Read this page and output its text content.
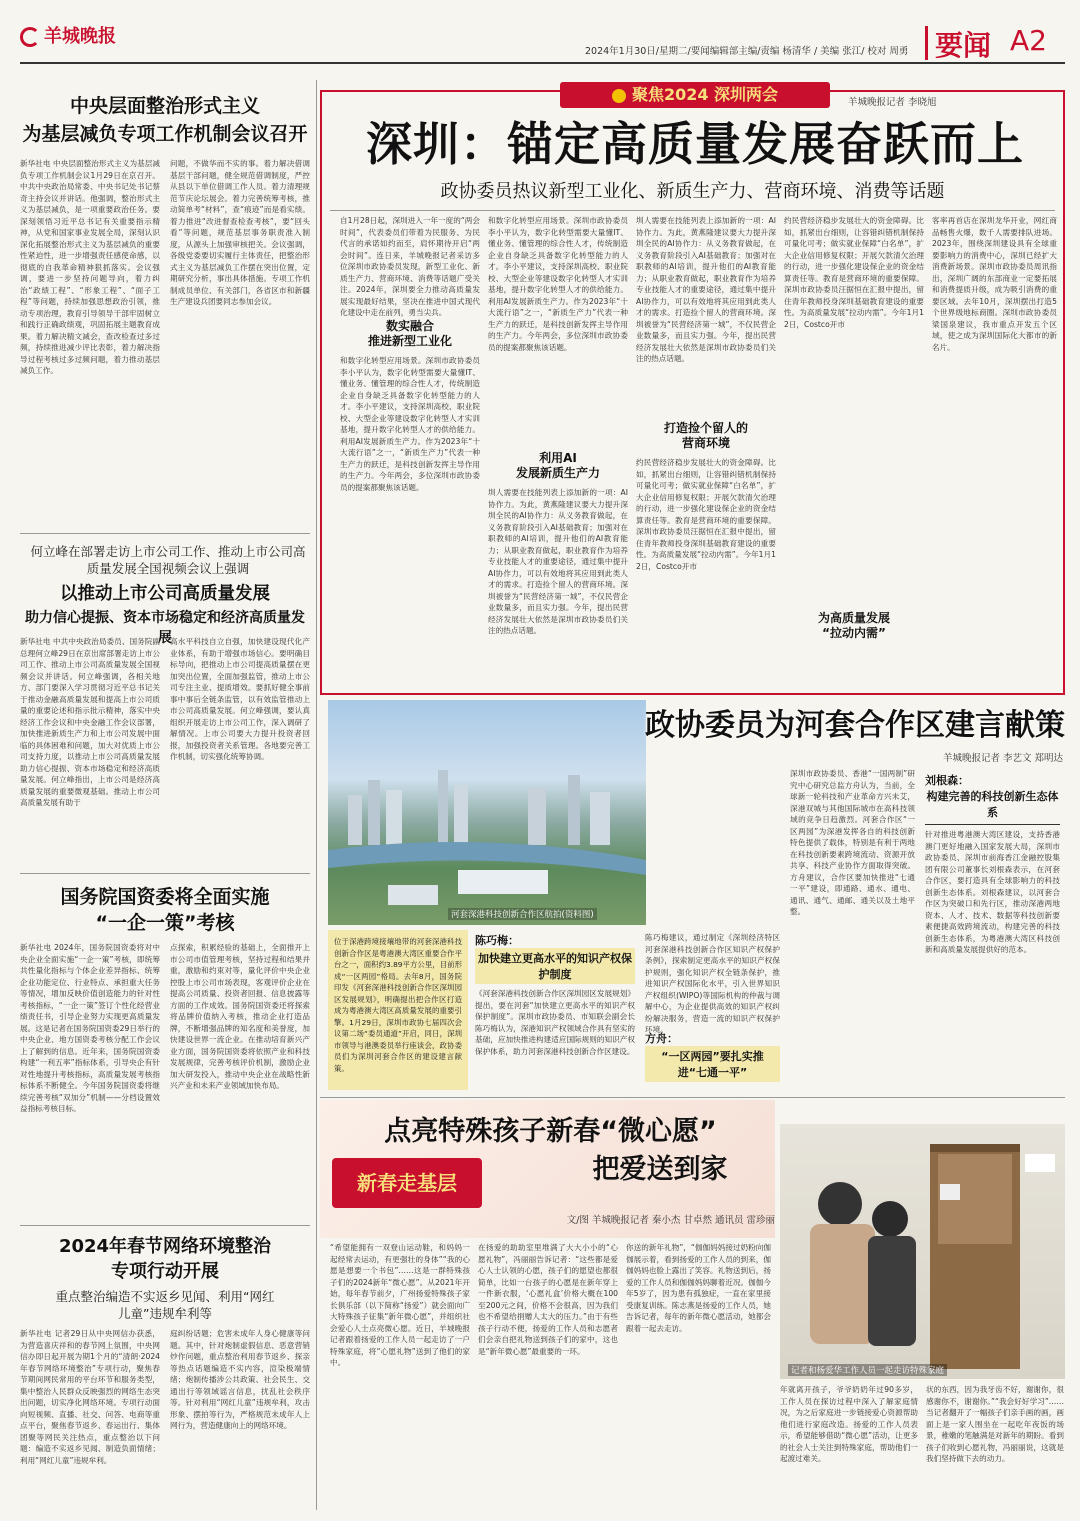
羊城晚报
2024年1月30日/星期二/要闻编辑部主编/责编 杨清华 / 美编 张江/ 校对 周勇 要闻 A2
中央层面整治形式主义
为基层减负专项工作机制会议召开
新华社电 中央层面整治形式主义为基层减负专项工作机制会议1月29日在京召开。中共中央政治局常委、中央书记处书记蔡奇主持会议并讲话。他强调，整治形式主义为基层减负，是一项重要政治任务。要深刻领悟习近平总书记有关重要指示精神，从党和国家事业发展全局，深刻认识深化拓展整治形式主义为基层减负的重要性紧迫性，进一步增强责任感使命感，以彻底的自我革命精神狠抓落实。会议强调，要进一步坚持问题导向，着力纠治“政绩工程”、“形象工程”、“面子工程”等问题，持续加强思想政治引领，推动专项治理，教育引导领导干部牢固树立和践行正确政绩观，巩固拓展主题教育成果。着力解决精文减会，查改检查过多过频，持续推进减少评比表彰，着力解决指导过程考核过多过频问题，着力推动基层减负工作。
问题，不做华而不实的事。着力解决借调基层干部问题，健全规范借调制度，严控从县以下单位借调工作人员。着力清理规范节庆论坛展会。着力完善统筹考核，推动简单考“材料”，查“痕迹”而是看实绩。着力推进“改进督查检查考核”，要“回头看”等问题，规范基层事务职责准入制度，从源头上加强审核把关。会议强调，各级党委要切实履行主体责任，把整治形式主义为基层减负工作摆在突出位置，定期研究分析，事出具体措施。专项工作机制成员单位、有关部门，各省区市和新疆生产建设兵团要同志参加会议。
何立峰在部署走访上市公司工作、推动上市公司高质量发展全国视频会议上强调
以推动上市公司高质量发展
助力信心提振、资本市场稳定和经济高质量发展
新华社电 中共中央政治局委员、国务院副总理何立峰29日在京出席部署走访上市公司工作、推动上市公司高质量发展全国视频会议并讲话。何立峰强调，各相关地方、部门要深入学习贯彻习近平总书记关于推动金融高质量发展和提高上市公司质量的重要论述和指示批示精神，落实中央经济工作会议和中央金融工作会议部署，加快推进新质生产力和上市公司发展中面临的具体困难和问题，加大对优质上市公司支持力度，以推动上市公司高质量发展助力信心提振、资本市场稳定和经济高质量发展。何立峰指出，上市公司是经济高质量发展的重要微观基础。推动上市公司高质量发展有助于
高水平科技自立自强，加快建设现代化产业体系，有助于增强市场信心。要明确目标导向，把推动上市公司提高质量摆在更加突出位置，全面加强监管，推动上市公司专注主业、提质增效。要抓好健全事前事中事后全链条监管，以有效监管推动上市公司高质量发展。何立峰强调，要认真组织开展走访上市公司工作，深入调研了解情况。上市公司要大力提升投资者回报，加强投资者关系管理。各地要完善工作机制，切实强化统筹协调。
国务院国资委将全面实施
“一企一策”考核
新华社电 2024年，国务院国资委将对中央企业全面实施“一企一策”考核，即统筹共性量化指标与个体企业差异指标、统筹企业功能定位、行业特点、承担重大任务等情况，增加反映价值创造能力的针对性考核指标，“一企一策”签订个性化经营业绩责任书，引导企业努力实现更高质量发展。这是记者在国务院国资委29日举行的中央企业、地方国资委考核分配工作会议上了解到的信息。近年来，国务院国资委构建“一利五率”指标体系，引导央企有针对性地提升考核指标，高质量发展考核指标体系不断健全。今年国务院国资委将继续完善考核“双加分”机制——分档设置效益指标考核目标。
点探索，积累经验的基础上，全面推开上市公司市值管理考核，坚持过程和结果并重，激励和约束对等，量化评价中央企业控股上市公司市场表现，客观评价企业在提高公司质量、投资者回报、信息披露等方面的工作成效。国务院国资委还将探索将品牌价值纳入考核，推动企业打造品牌，不断增强品牌的知名度和美誉度，加快建设世界一流企业。在推动培育新兴产业方面，国务院国资委将依照产业和科技发展规律，完善考核评价机制，激励企业加大研发投入，推动中央企业在战略性新兴产业和未来产业领域加快布局。
2024年春节网络环境整治
专项行动开展
重点整治编造不实返乡见闻、利用“网红
儿童”违规牟利等
新华社电 记者29日从中央网信办获悉，为营造喜庆祥和的春节网上氛围，中央网信办即日起开展为期1个月的“清朗·2024年春节网络环境整治”专项行动，聚焦春节期间网民常用的平台环节和服务类型，集中整治人民群众反映强烈的网络生态突出问题，切实净化网络环境。专项行动面向短视频、直播、社交、问答、电商等重点平台，聚焦春节返乡、春运出行、集体团聚等网民关注热点，重点整治以下问题：编造不实返乡见闻、制造负面情绪；利用“网红儿童”违规牟利。
庭纠纷话题；危害未成年人身心健康等问题。其中，针对炮制虚假信息、恶意营销炒作问题，重点整治利用春节返乡、探亲等热点话题编造不实内容，渲染极端情绪；炮制传播涉公共政策、社会民生、交通出行等领域谣言信息，扰乱社会秩序等。针对利用“网红儿童”违规牟利，攻击形象、摆拍等行为，严格规范未成年人上网行为，营造健康向上的网络环境。
聚焦2024 深圳两会	羊城晚报记者 李晓旭
深圳：锚定高质量发展奋跃而上
政协委员热议新型工业化、新质生产力、营商环境、消费等话题
自1月28日起，深圳进入一年一度的“两会时间”，代表委员们带着为民服务、为民代言的承诺如约而至，肩怀期待开启“两会时间”。连日来，羊城晚报记者采访多位深圳市政协委员发现，新型工业化、新质生产力、营商环境、消费等话题广受关注。2024年，深圳要全力推动高质量发展实现最好结果，坚决在推进中国式现代化建设中走在前列，勇当尖兵。
数实融合
推进新型工业化
和数字化转型应用场景。深圳市政协委员李小平认为，数字化转型需要大量懂IT、懂业务、懂管理的综合性人才，传统制造企业自身缺乏具备数字化转型能力的人才。李小平建议，支持深圳高校、职业院校、大型企业等建设数字化转型人才实训基地，提升数字化转型人才的供给能力。利用AI发展新质生产力。作为2023年“十大流行语”之一，“新质生产力”代表一种生产力的跃迁，是科技创新发挥主导作用的生产力。今年两会，多位深圳市政协委员的提案都聚焦该话题。
和数字化转型应用场景。深圳市政协委员李小平认为，数字化转型需要大量懂IT、懂业务、懂管理的综合性人才，传统制造企业自身缺乏具备数字化转型能力的人才。李小平建议，支持深圳高校、职业院校、大型企业等建设数字化转型人才实训基地，提升数字化转型人才的供给能力。利用AI发展新质生产力。作为2023年“十大流行语”之一，“新质生产力”代表一种生产力的跃迁，是科技创新发挥主导作用的生产力。今年两会，多位深圳市政协委员的提案都聚焦该话题。
利用AI
发展新质生产力
圳人需要在技能列表上添加新的一项：AI协作力。为此，黄燕隆建议要大力提升深圳全民的AI协作力：从义务教育做起，在义务教育阶段引入AI基础教育；加强对在职教师的AI培训，提升他们的AI教育能力；从职业教育做起，职业教育作为培养专业技能人才的重要途径，通过集中提升AI协作力，可以有效地将其应用到此类人才的需求。打造捡个留人的营商环境。深圳被誉为“民营经济第一城”，不仅民营企业数量多，而且实力强。今年，提出民营经济发展壮大依然是深圳市政协委员们关注的热点话题。
圳人需要在技能列表上添加新的一项：AI协作力。为此，黄燕隆建议要大力提升深圳全民的AI协作力：从义务教育做起，在义务教育阶段引入AI基础教育；加强对在职教师的AI培训，提升他们的AI教育能力；从职业教育做起，职业教育作为培养专业技能人才的重要途径，通过集中提升AI协作力，可以有效地将其应用到此类人才的需求。打造捡个留人的营商环境。深圳被誉为“民营经济第一城”，不仅民营企业数量多，而且实力强。今年，提出民营经济发展壮大依然是深圳市政协委员们关注的热点话题。
打造捡个留人的
营商环境
约民营经济稳步发展壮大的资金障碍。比如，抓紧出台细则，让容错纠错机制保持可量化可考；做实就业保障“白名单”，扩大企业信用修复权限；开展欠款清欠治理的行动，进一步强化建设保企业的资金结算责任等。教育是营商环境的重要保障。深圳市政协委员汪据恒在汇报中提出，留住青年教师投身深圳基础教育建设的重要性。为高质量发展“拉动内需”。今年1月12日，Costco开市
约民营经济稳步发展壮大的资金障碍。比如，抓紧出台细则，让容错纠错机制保持可量化可考；做实就业保障“白名单”，扩大企业信用修复权限；开展欠款清欠治理的行动，进一步强化建设保企业的资金结算责任等。教育是营商环境的重要保障。深圳市政协委员汪据恒在汇报中提出，留住青年教师投身深圳基础教育建设的重要性。为高质量发展“拉动内需”。今年1月12日，Costco开市
为高质量发展
“拉动内需”
客率再首店在深圳龙华开业，网红商品畅售火爆，数千人需要排队进场。2023年，围绕深圳建设具有全球重要影响力的消费中心，深圳已经扩大消费新场景。深圳市政协委员周讯指出，深圳广阔的东部商业一定要拓展和消费提质升级，成为吸引消费的重要区域。去年10月，深圳摆出打造5个世界级地标商圈。深圳市政协委员梁国泉建议，我市重点开发五个区域，使之成为深圳国际化大都市的新名片。
河套深港科技创新合作区航拍(资料图)
政协委员为河套合作区建言献策
羊城晚报记者 李艺文 郑明达
深圳市政协委员、香港“一国两制”研究中心研究总监方舟认为，当前，全球新一轮科技和产业革命方兴未艾，深港双城与其他国际城市在高科技领域的竞争日趋激烈。河套合作区“一区两园”为深港发挥各自的科技创新特色提供了载体，特别是有利于两地在科技创新要素跨境流动、资源开放共享、科技产业协作方面取得突破。方舟建议，合作区要加快推进“七通一平”建设，即通路、通水、通电、通讯、通气、通邮、通关以及土地平整。
刘根森：
构建完善的科技创新生态体系
针对推进粤港澳大湾区建设，支持香港澳门更好地融入国家发展大局，深圳市政协委员、深圳市前海香江金融控股集团有限公司董事长刘根森表示，在河套合作区，要打造具有全球影响力的科技创新生态体系。刘根森建议，以河套合作区为突破口和先行区，推动深港两地资本、人才、技术、数据等科技创新要素便捷高效跨境流动，构建完善的科技创新生态体系，为粤港澳大湾区科技创新和高质量发展提供好的范本。
位于深港跨境接壤地带的河套深港科技创新合作区是粤港澳大湾区重要合作平台之一，面积约3.89平方公里，目前形成“一区两园”格局。去年8月，国务院印发《河套深港科技创新合作区深圳园区发展规划》，明确提出把合作区打造成为粤港澳大湾区高质量发展的重要引擎。1月29日，深圳市政协七届四次会议第二场“委员通道”开启，同日，深圳市领导与港澳委员举行座谈会，政协委员们为深圳河套合作区的建设建言献策。
陈巧梅：
加快建立更高水平的知识产权保护制度
《河套深港科技创新合作区深圳园区发展规划》提出，要在河套“加快建立更高水平的知识产权保护制度”。深圳市政协委员、市知联会副会长陈巧梅认为，深港知识产权领域合作具有坚实的基础，应加快推进构建适应国际规则的知识产权保护体系，助力河套深港科技创新合作区建设。
陈巧梅建议，通过制定《深圳经济特区河套深港科技创新合作区知识产权保护条例》，探索制定更高水平的知识产权保护规则，强化知识产权全链条保护，推进知识产权国际化水平，引入世界知识产权组织(WIPO)等国际机构的仲裁与调解中心，为企业提供高效的知识产权纠纷解决服务，营造一流的知识产权保护环境。
方舟：
“一区两园”要扎实推进“七通一平”
点亮特殊孩子新春“微心愿”
把爱送到家
新春走基层
文/图 羊城晚报记者 秦小杰 甘卓然 通讯员 雷珍丽
记者和杨爱华工作人员一起走访特殊家庭
“希望能拥有一双登山运动鞋，和妈妈一起经常去运动，有更强壮的身体”“我的心愿是想要一个书包”……这是一群特殊孩子们的2024新年“微心愿”。从2021年开始，每年春节前夕，广州扬爱特殊孩子家长俱乐部（以下简称“扬爱”）就会面向广大特殊孩子征集“新年微心愿”，并组织社会爱心人士点亮微心愿。近日，羊城晚报记者跟着扬爱的工作人员一起走访了一户特殊家庭，将“心愿礼物”送到了他们的家中。
在扬爱的助助室里堆满了大大小小的“心愿礼物”，冯丽丽告诉记者：“这些都是爱心人士认领的心愿，孩子们的愿望也都很简单，比如一台孩子的心愿是在新年穿上一件新衣服，‘心愿礼盒’价格大概在100至200元之间，价格不会很高，因为我们也不希望给捐赠人太大的压力。”由于有些孩子行动不便，扬爱的工作人员和志愿者们会亲自把礼物送到孩子们的家中，这也是“新年微心愿”最重要的一环。
你送的新年礼物”，“伽伽妈妈接过奶粉向伽伽展示着，看到扬爱的工作人员的到来，伽伽妈妈也脸上露出了笑容。礼物送到后，扬爱的工作人员和伽伽妈妈聊着近况。伽伽今年5岁了，因为患有孤独症，一直在家里接受康复训练。陈志燕是扬爱的工作人员，她告诉记者，每年的新年微心愿活动，她都会跟着一起去走访。
年就离开孩子，爷爷奶奶年过90多岁，工作人员在探访过程中深入了解家庭情况，为之后家庭进一步链接爱心资源帮助他们进行家庭改造。扬爱的工作人员表示，希望能够借助“微心愿”活动，让更多的社会人士关注到特殊家庭，帮助他们一起渡过难关。
状的东西，因为我牙齿不好，谢谢你，很感谢你不，谢谢你。”“我会好好学习”……当记者翻开了一幅孩子们亲手画的画，画面上是一家人围坐在一起吃年夜饭的场景，稚嫩的笔触满是对新年的期盼。看到孩子们收到心愿礼物，冯丽丽说，这就是我们坚持做下去的动力。
